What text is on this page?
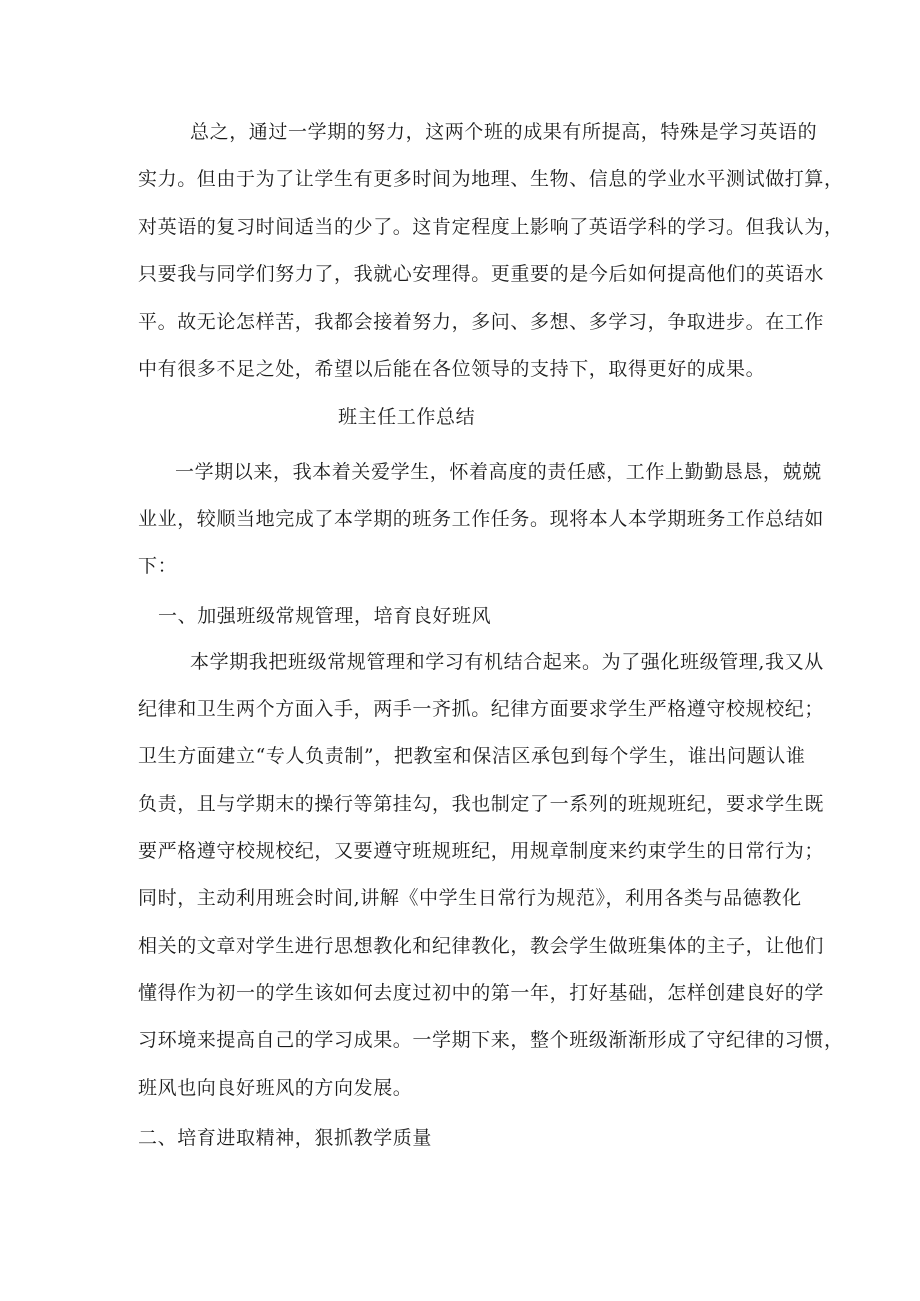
总之，通过一学期的努力，这两个班的成果有所提高，特殊是学习英语的
实力。但由于为了让学生有更多时间为地理、生物、信息的学业水平测试做打算，
对英语的复习时间适当的少了。这肯定程度上影响了英语学科的学习。但我认为，
只要我与同学们努力了，我就心安理得。更重要的是今后如何提高他们的英语水
平。故无论怎样苦，我都会接着努力，多问、多想、多学习，争取进步。在工作
中有很多不足之处，希望以后能在各位领导的支持下，取得更好的成果。
班主任工作总结
一学期以来，我本着关爱学生，怀着高度的责任感，工作上勤勤恳恳，兢兢
业业，较顺当地完成了本学期的班务工作任务。现将本人本学期班务工作总结如
下：
一、加强班级常规管理，培育良好班风
本学期我把班级常规管理和学习有机结合起来。为了强化班级管理,我又从
纪律和卫生两个方面入手，两手一齐抓。纪律方面要求学生严格遵守校规校纪；
卫生方面建立“专人负责制”，把教室和保洁区承包到每个学生，谁出问题认谁
负责，且与学期末的操行等第挂勾，我也制定了一系列的班规班纪，要求学生既
要严格遵守校规校纪，又要遵守班规班纪，用规章制度来约束学生的日常行为；
同时，主动利用班会时间,讲解《中学生日常行为规范》，利用各类与品德教化
相关的文章对学生进行思想教化和纪律教化，教会学生做班集体的主子，让他们
懂得作为初一的学生该如何去度过初中的第一年，打好基础，怎样创建良好的学
习环境来提高自己的学习成果。一学期下来，整个班级渐渐形成了守纪律的习惯，
班风也向良好班风的方向发展。
二、培育进取精神，狠抓教学质量
